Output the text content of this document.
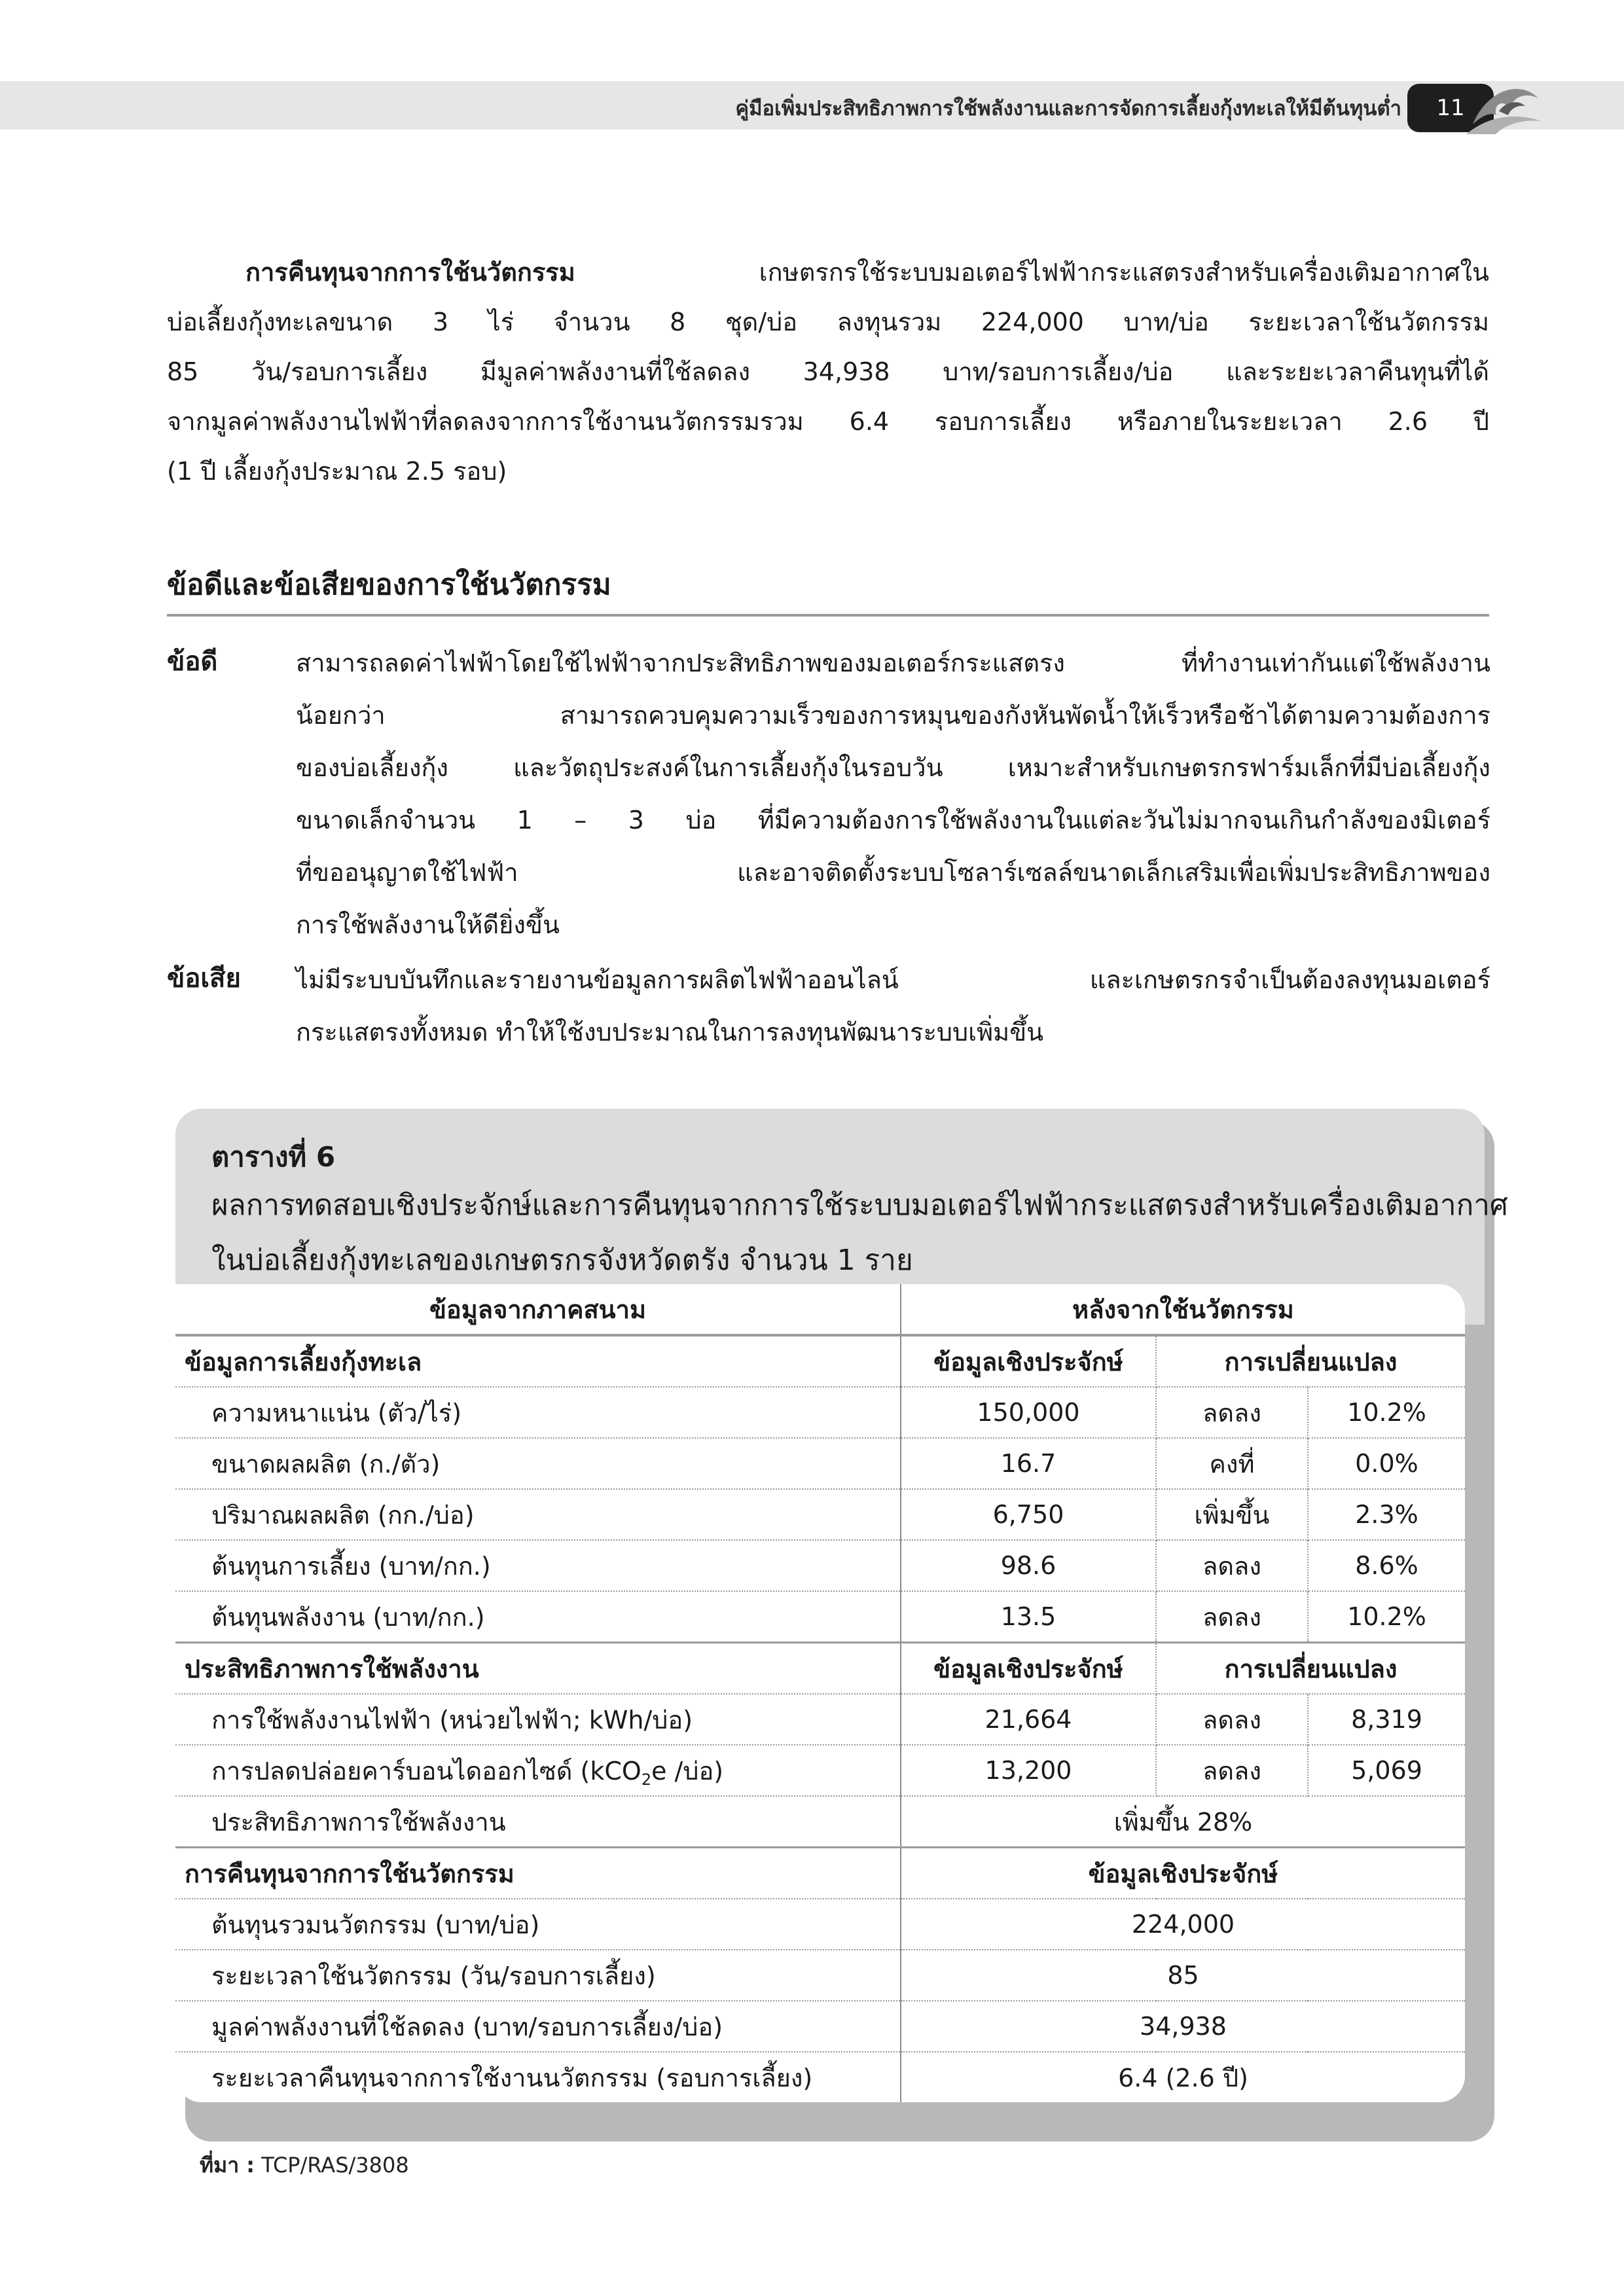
คู่มือเพิ่มประสิทธิภาพการใช้พลังงานและการจัดการเลี้ยงกุ้งทะเลให้มีต้นทุนต่ำ 11
การคืนทุนจากการใช้นวัตกรรม เกษตรกรใช้ระบบมอเตอร์ไฟฟ้ากระแสตรงสำหรับเครื่องเติมอากาศใน
บ่อเลี้ยงกุ้งทะเลขนาด 3 ไร่ จำนวน 8 ชุด/บ่อ ลงทุนรวม 224,000 บาท/บ่อ ระยะเวลาใช้นวัตกรรม
85 วัน/รอบการเลี้ยง มีมูลค่าพลังงานที่ใช้ลดลง 34,938 บาท/รอบการเลี้ยง/บ่อ และระยะเวลาคืนทุนที่ได้
จากมูลค่าพลังงานไฟฟ้าที่ลดลงจากการใช้งานนวัตกรรมรวม 6.4 รอบการเลี้ยง หรือภายในระยะเวลา 2.6 ปี
(1 ปี เลี้ยงกุ้งประมาณ 2.5 รอบ)
ข้อดีและข้อเสียของการใช้นวัตกรรม
ข้อดี	สามารถลดค่าไฟฟ้าโดยใช้ไฟฟ้าจากประสิทธิภาพของมอเตอร์กระแสตรง ที่ทำงานเท่ากันแต่ใช้พลังงาน
น้อยกว่า สามารถควบคุมความเร็วของการหมุนของกังหันพัดน้ำให้เร็วหรือช้าได้ตามความต้องการ
ของบ่อเลี้ยงกุ้ง และวัตถุประสงค์ในการเลี้ยงกุ้งในรอบวัน เหมาะสำหรับเกษตรกรฟาร์มเล็กที่มีบ่อเลี้ยงกุ้ง
ขนาดเล็กจำนวน 1 – 3 บ่อ ที่มีความต้องการใช้พลังงานในแต่ละวันไม่มากจนเกินกำลังของมิเตอร์
ที่ขออนุญาตใช้ไฟฟ้า และอาจติดตั้งระบบโซลาร์เซลล์ขนาดเล็กเสริมเพื่อเพิ่มประสิทธิภาพของ
การใช้พลังงานให้ดียิ่งขึ้น
ข้อเสีย ไม่มีระบบบันทึกและรายงานข้อมูลการผลิตไฟฟ้าออนไลน์ และเกษตรกรจำเป็นต้องลงทุนมอเตอร์
กระแสตรงทั้งหมด ทำให้ใช้งบประมาณในการลงทุนพัฒนาระบบเพิ่มขึ้น
ตารางที่ 6
ผลการทดสอบเชิงประจักษ์และการคืนทุนจากการใช้ระบบมอเตอร์ไฟฟ้ากระแสตรงสำหรับเครื่องเติมอากาศ
ในบ่อเลี้ยงกุ้งทะเลของเกษตรกรจังหวัดตรัง จำนวน 1 ราย
ข้อมูลจากภาคสนาม	หลังจากใช้นวัตกรรม		
ข้อมูลการเลี้ยงกุ้งทะเล	ข้อมูลเชิงประจักษ์	การเปลี่ยนแปลง	
ความหนาแน่น (ตัว/ไร่)	150,000	ลดลง	10.2%
ขนาดผลผลิต (ก./ตัว)	16.7	คงที่	0.0%
ปริมาณผลผลิต (กก./บ่อ)	6,750	เพิ่มขึ้น	2.3%
ต้นทุนการเลี้ยง (บาท/กก.)	98.6	ลดลง	8.6%
ต้นทุนพลังงาน (บาท/กก.)	13.5	ลดลง	10.2%
ประสิทธิภาพการใช้พลังงาน	ข้อมูลเชิงประจักษ์	การเปลี่ยนแปลง	
การใช้พลังงานไฟฟ้า (หน่วยไฟฟ้า; kWh/บ่อ)	21,664	ลดลง	8,319
การปลดปล่อยคาร์บอนไดออกไซด์ (kCO$_2$e /บ่อ)	13,200	ลดลง	5,069
ประสิทธิภาพการใช้พลังงาน	เพิ่มขึ้น 28%		
การคืนทุนจากการใช้นวัตกรรม	ข้อมูลเชิงประจักษ์		
ต้นทุนรวมนวัตกรรม (บาท/บ่อ)	224,000		
ระยะเวลาใช้นวัตกรรม (วัน/รอบการเลี้ยง)	85		
มูลค่าพลังงานที่ใช้ลดลง (บาท/รอบการเลี้ยง/บ่อ)	34,938		
ระยะเวลาคืนทุนจากการใช้งานนวัตกรรม (รอบการเลี้ยง)	6.4 (2.6 ปี)		
ที่มา : TCP/RAS/3808
